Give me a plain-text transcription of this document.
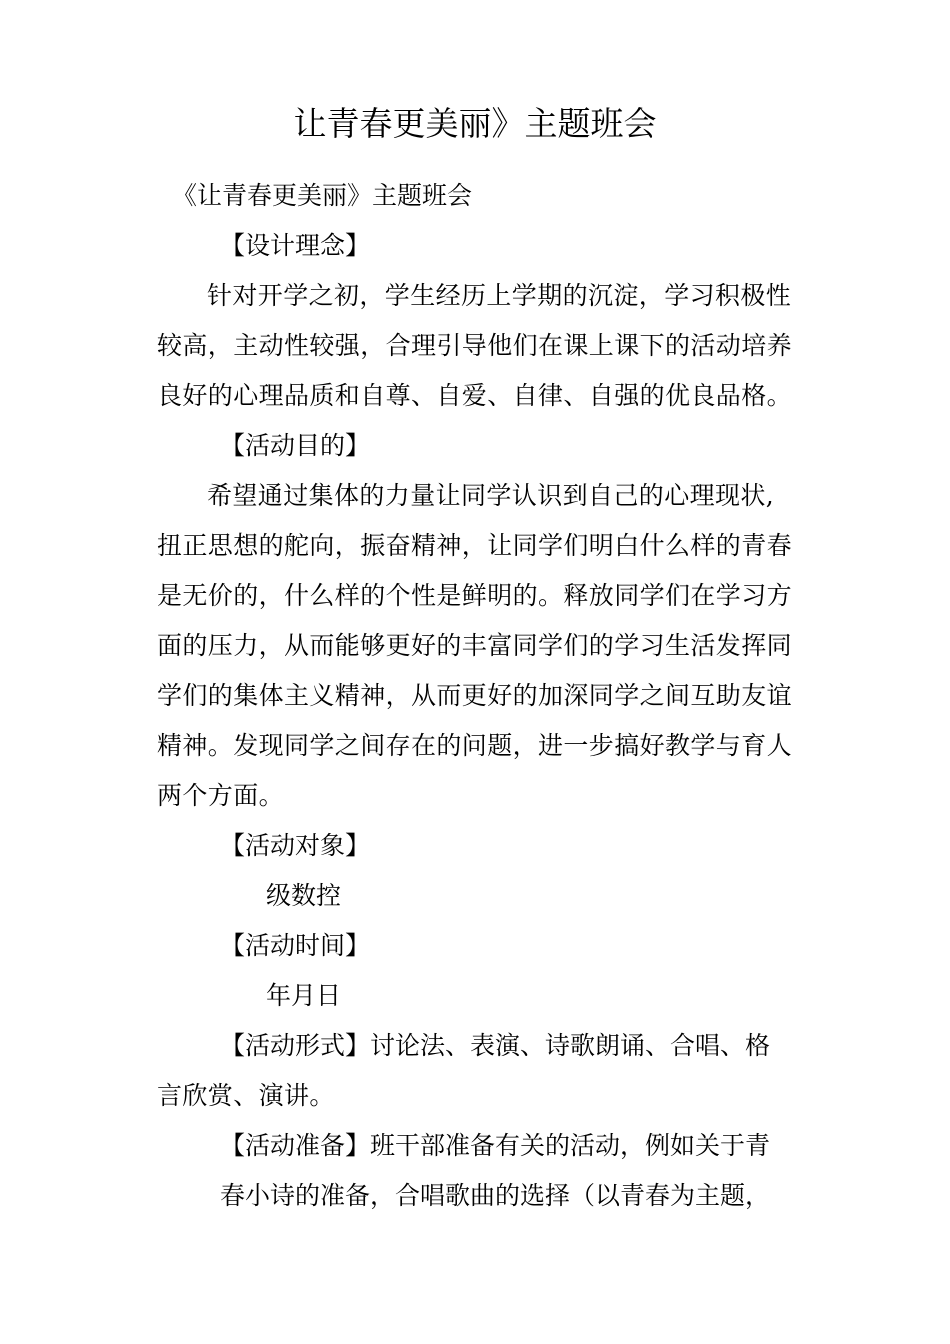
让青春更美丽》主题班会

《让青春更美丽》主题班会

【设计理念】

针对开学之初，学生经历上学期的沉淀，学习积极性

较高，主动性较强，合理引导他们在课上课下的活动培养

良好的心理品质和自尊、自爱、自律、自强的优良品格。

【活动目的】

希望通过集体的力量让同学认识到自己的心理现状,

扭正思想的舵向，振奋精神，让同学们明白什么样的青春

是无价的，什么样的个性是鲜明的。释放同学们在学习方

面的压力，从而能够更好的丰富同学们的学习生活发挥同

学们的集体主义精神，从而更好的加深同学之间互助友谊

精神。发现同学之间存在的问题，进一步搞好教学与育人

两个方面。

【活动对象】

级数控

【活动时间】

年月日

【活动形式】讨论法、表演、诗歌朗诵、合唱、格

言欣赏、演讲。

【活动准备】班干部准备有关的活动，例如关于青

春小诗的准备，合唱歌曲的选择（以青春为主题，
